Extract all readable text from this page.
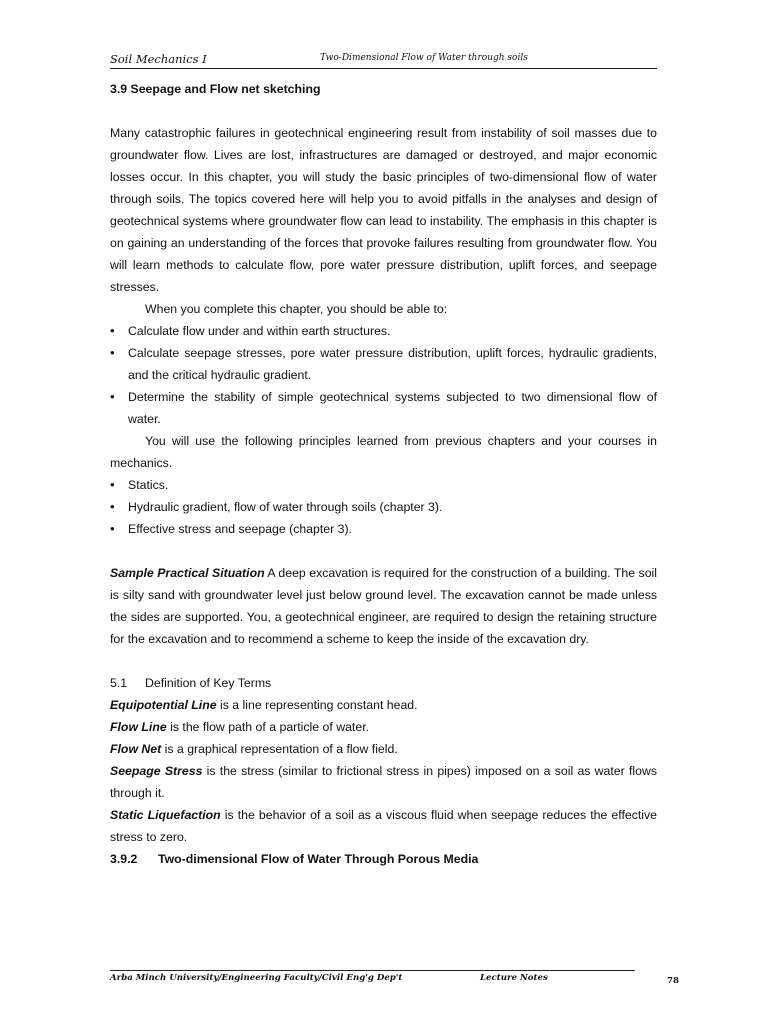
Soil Mechanics I	Two-Dimensional Flow of Water through soils

3.9 Seepage and Flow net sketching

Many catastrophic failures in geotechnical engineering result from instability of soil masses due to groundwater flow. Lives are lost, infrastructures are damaged or destroyed, and major economic losses occur. In this chapter, you will study the basic principles of two-dimensional flow of water through soils. The topics covered here will help you to avoid pitfalls in the analyses and design of geotechnical systems where groundwater flow can lead to instability. The emphasis in this chapter is on gaining an understanding of the forces that provoke failures resulting from groundwater flow. You will learn methods to calculate flow, pore water pressure distribution, uplift forces, and seepage stresses.

When you complete this chapter, you should be able to:

• Calculate flow under and within earth structures.
• Calculate seepage stresses, pore water pressure distribution, uplift forces, hydraulic gradients, and the critical hydraulic gradient.
• Determine the stability of simple geotechnical systems subjected to two dimensional flow of water.

You will use the following principles learned from previous chapters and your courses in mechanics.

• Statics.
• Hydraulic gradient, flow of water through soils (chapter 3).
• Effective stress and seepage (chapter 3).

Sample Practical Situation A deep excavation is required for the construction of a building. The soil is silty sand with groundwater level just below ground level. The excavation cannot be made unless the sides are supported. You, a geotechnical engineer, are required to design the retaining structure for the excavation and to recommend a scheme to keep the inside of the excavation dry.

5.1 Definition of Key Terms

Equipotential Line is a line representing constant head.

Flow Line is the flow path of a particle of water.

Flow Net is a graphical representation of a flow field.

Seepage Stress is the stress (similar to frictional stress in pipes) imposed on a soil as water flows through it.

Static Liquefaction is the behavior of a soil as a viscous fluid when seepage reduces the effective stress to zero.

3.9.2 Two-dimensional Flow of Water Through Porous Media

Arba Minch University/Engineering Faculty/Civil Eng'g Dep't	Lecture Notes	78
